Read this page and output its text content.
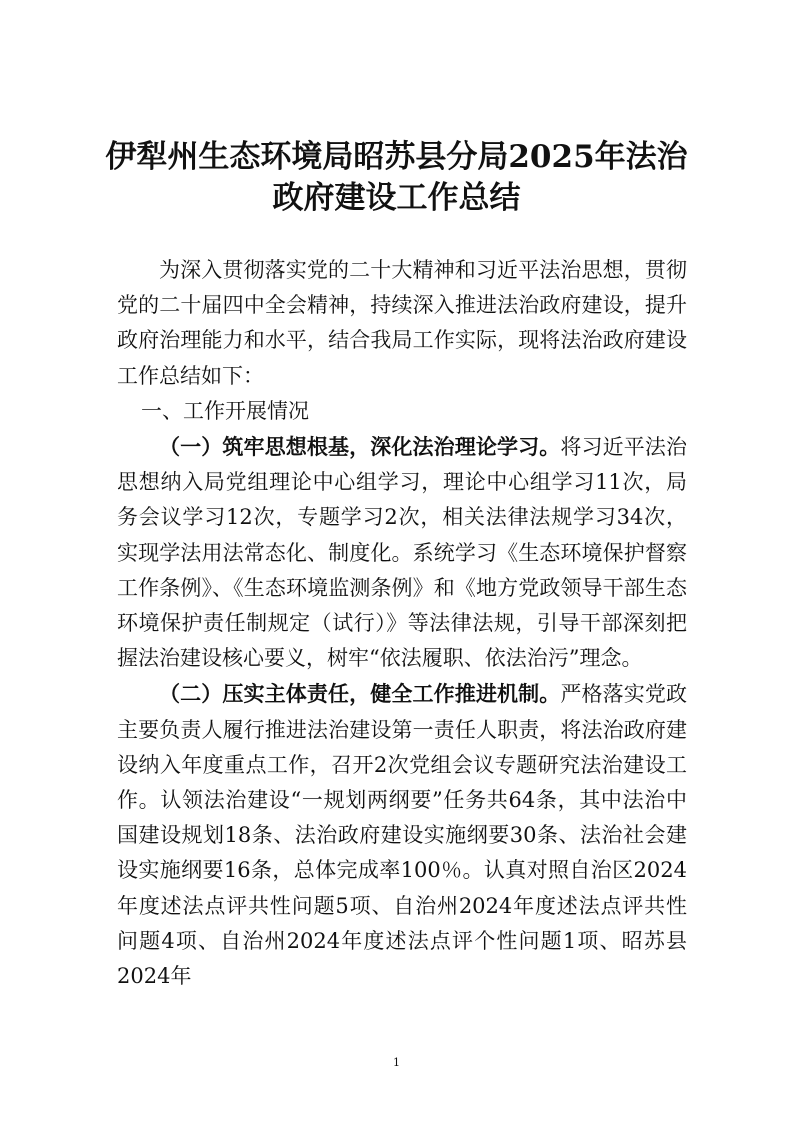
伊犁州生态环境局昭苏县分局2025年法治
政府建设工作总结

为深入贯彻落实党的二十大精神和习近平法治思想，贯彻党的二十届四中全会精神，持续深入推进法治政府建设，提升政府治理能力和水平，结合我局工作实际，现将法治政府建设工作总结如下：

一、工作开展情况

（一）筑牢思想根基，深化法治理论学习。将习近平法治思想纳入局党组理论中心组学习，理论中心组学习11次，局务会议学习12次，专题学习2次，相关法律法规学习34次，实现学法用法常态化、制度化。系统学习《生态环境保护督察工作条例》、《生态环境监测条例》和《地方党政领导干部生态环境保护责任制规定（试行）》等法律法规，引导干部深刻把握法治建设核心要义，树牢“依法履职、依法治污”理念。

（二）压实主体责任，健全工作推进机制。严格落实党政主要负责人履行推进法治建设第一责任人职责，将法治政府建设纳入年度重点工作，召开2次党组会议专题研究法治建设工作。认领法治建设“一规划两纲要”任务共64条，其中法治中国建设规划18条、法治政府建设实施纲要30条、法治社会建设实施纲要16条，总体完成率100％。认真对照自治区2024年度述法点评共性问题5项、自治州2024年度述法点评共性问题4项、自治州2024年度述法点评个性问题1项、昭苏县2024年

1
